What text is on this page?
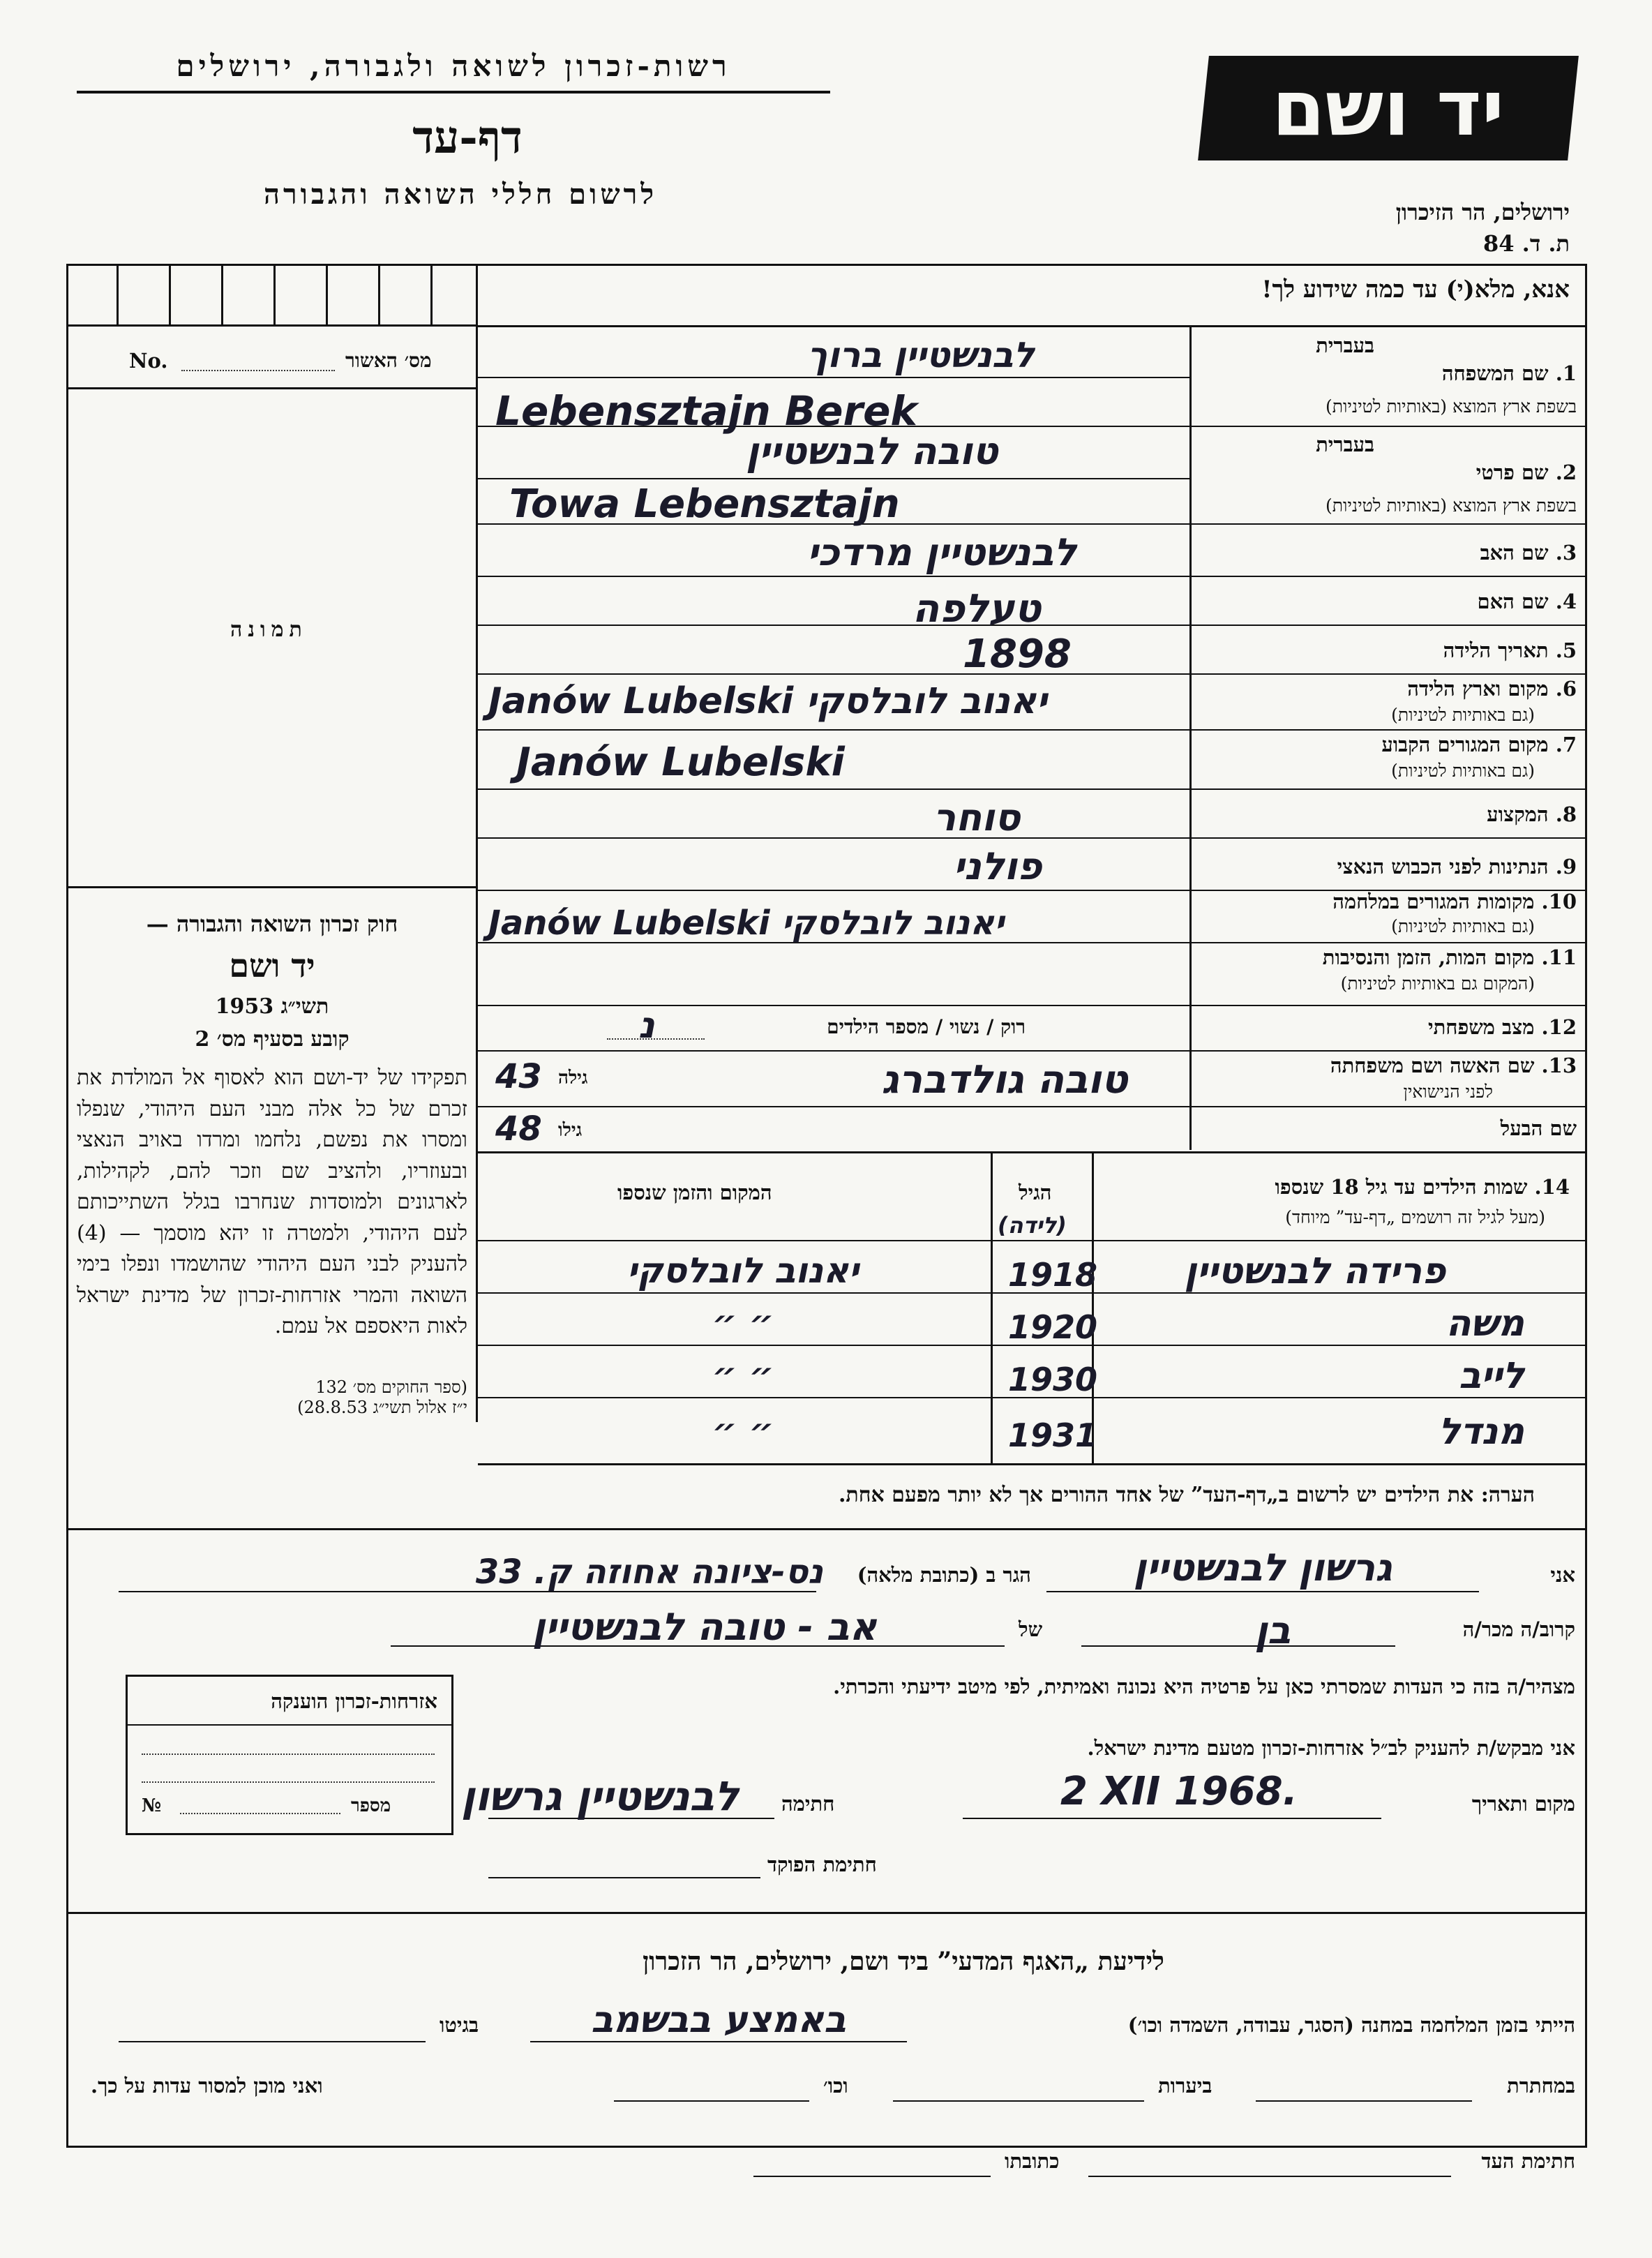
רשות-זכרון לשואה ולגבורה, ירושלים
דף-עד
לרשום חללי השואה והגבורה
יד ושם
ירושלים, הר הזיכרון
ת. ד. 84
אנא, מלא(י) עד כמה שידוע לך!
No.	מס׳ האשור
תמונה
חוק זכרון השואה והגבורה —
יד ושם
תשי״ג 1953
קובע בסעיף מס׳ 2
תפקידו של יד-ושם הוא לאסוף אל המולדת את זכרם של כל אלה מבני העם היהודי, שנפלו ומסרו את נפשם, נלחמו ומרדו באויב הנאצי ובעוזריו, ולהציב שם וזכר להם, לקהילות, לארגונים ולמוסדות שנחרבו בגלל השתייכותם לעם היהודי, ולמטרה זו יהא מוסמך — (4) להעניק לבני העם היהודי שהושמדו ונפלו בימי השואה והמרי אזרחות-זכרון של מדינת ישראל לאות היאספם אל עמם.
(ספר החוקים מס׳ 132
י״ז אלול תשי״ג 28.8.53)
בעברית
1. שם המשפחה
בשפת ארץ המוצא (באותיות לטיניות)
בעברית
2. שם פרטי
בשפת ארץ המוצא (באותיות לטיניות)
3. שם האב
4. שם האם
5. תאריך הלידה
6. מקום וארץ הלידה
(גם באותיות לטיניות)
7. מקום המגורים הקבוע
(גם באותיות לטיניות)
8. המקצוע
9. הנתינות לפני הכבוש הנאצי
10. מקומות המגורים במלחמה
(גם באותיות לטיניות)
11. מקום המות, הזמן והנסיבות
(המקום גם באותיות לטיניות)
12. מצב משפחתי
13. שם האשה ושם משפחתה
לפני הנישואין
שם הבעל
לבנשטיין ברוך
Lebensztajn Berek
טובה לבנשטיין
Towa Lebensztajn
לבנשטיין מרדכי
טעלפה
1898
Janów Lubelski יאנוב לובלסקי
Janów Lubelski
סוחר
פולני
Janów Lubelski יאנוב לובלסקי
רוק / נשוי / מספר הילדים
נ
טובה גולדברג
גילה
43
גילו
48
14. שמות הילדים עד גיל 18 שנספו
(מעל לגיל זה רושמים „דף-עד” מיוחד)
הגיל
(לידה)
המקום והזמן שנספו
פרידה לבנשטיין
1918
יאנוב לובלסקי
משה
1920
״ ״
לייב
1930
״ ״
מנדל
1931
״ ״
הערה: את הילדים יש לרשום ב„דף-העד” של אחד ההורים אך לא יותר מפעם אחת.
אני
גרשון לבנשטיין
הגר ב (כתובת מלאה)
נס-ציונה אחוזה ק. 33
קרוב/ה מכר/ה
בן
של
אב - טובה לבנשטיין
מצהיר/ה בזה כי העדות שמסרתי כאן על פרטיה היא נכונה ואמיתית, לפי מיטב ידיעתי והכרתי.
אני מבקש/ת להעניק לב״ל אזרחות-זכרון מטעם מדינת ישראל.
מקום ותאריך
2 XII 1968.
חתימה
לבנשטיין גרשון
חתימת הפוקד
אזרחות-זכרון הוענקה
№	מספר
לידיעת „האגף המדעי” ביד ושם, ירושלים, הר הזכרון
הייתי בזמן המלחמה במחנה (הסגר, עבודה, השמדה וכו׳)
באמצע בבשמב
בגיטו
במחתרת
ביערות
וכו׳
ואני מוכן למסור עדות על כך.
חתימת העד
כתובתו
